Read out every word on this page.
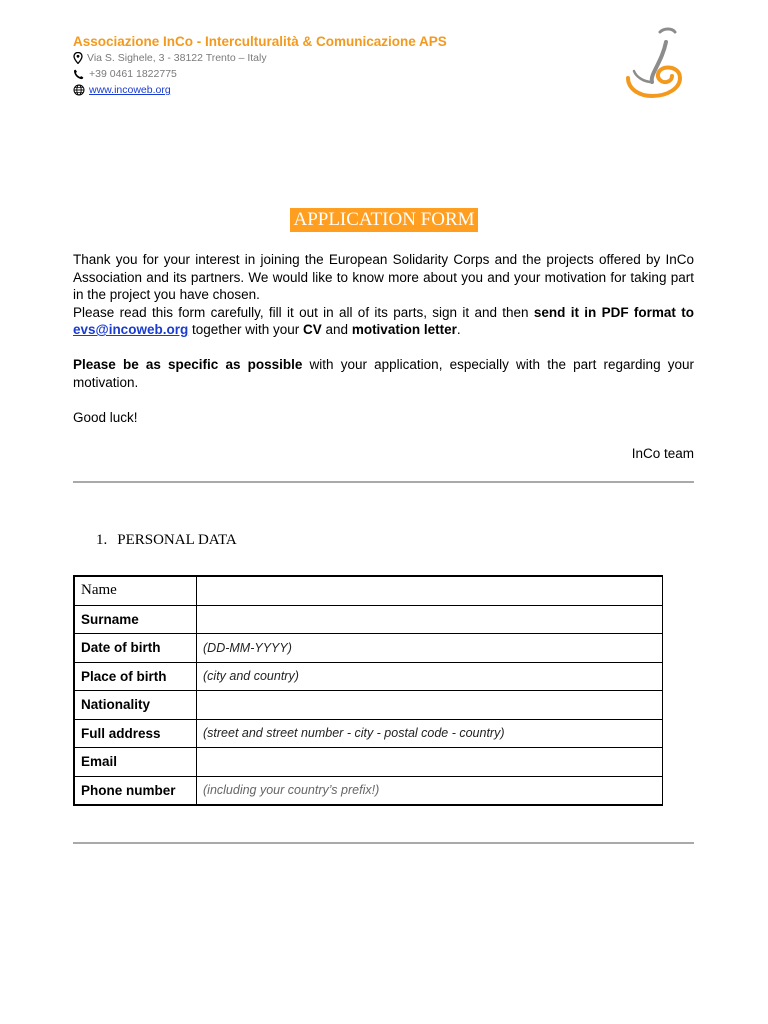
Associazione InCo - Interculturalità & Comunicazione APS
Via S. Sighele, 3 - 38122 Trento – Italy
+39 0461 1822775
www.incoweb.org
APPLICATION FORM

Thank you for your interest in joining the European Solidarity Corps and the projects offered by InCo Association and its partners. We would like to know more about you and your motivation for taking part in the project you have chosen.

Please read this form carefully, fill it out in all of its parts, sign it and then send it in PDF format to evs@incoweb.org together with your CV and motivation letter.

Please be as specific as possible with your application, especially with the part regarding your motivation.

Good luck!

InCo team
1. PERSONAL DATA
Name	
Surname	
Date of birth	(DD-MM-YYYY)
Place of birth	(city and country)
Nationality	
Full address	(street and street number - city - postal code - country)
Email	
Phone number	(including your country’s prefix!)
